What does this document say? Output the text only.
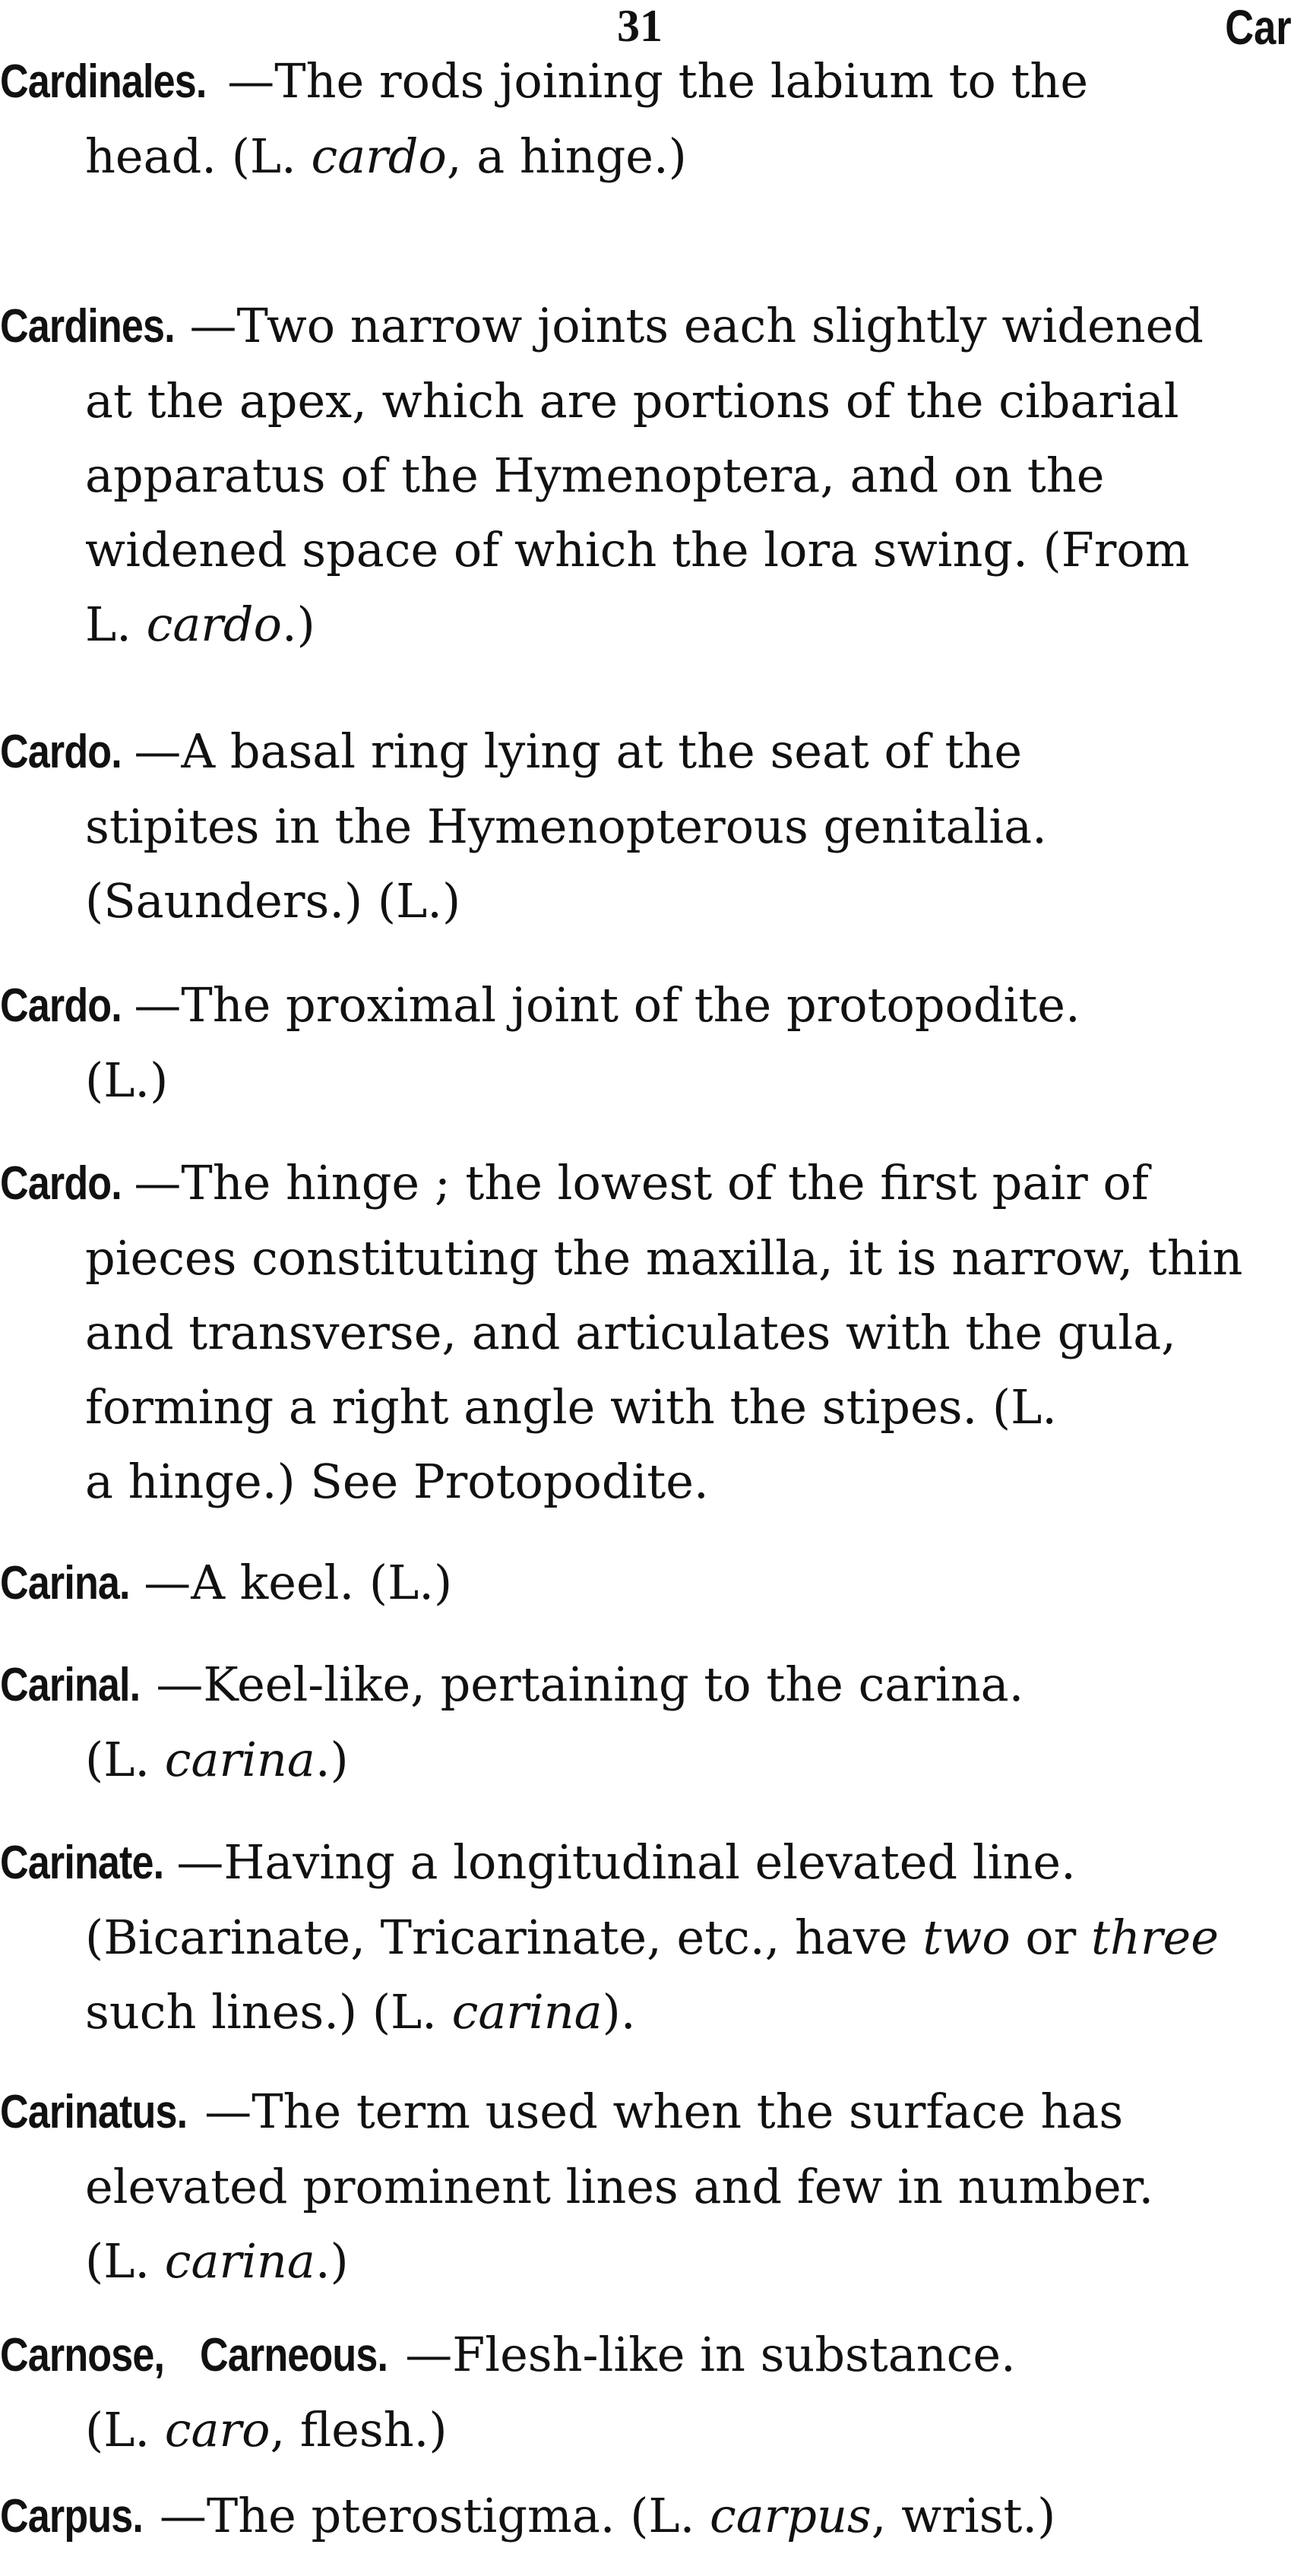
31	Car
Cardinales. —The rods joining the labium to the
head. (L. cardo, a hinge.)
Cardines. —Two narrow joints each slightly widened
at the apex, which are portions of the cibarial
apparatus of the Hymenoptera, and on the
widened space of which the lora swing. (From
L. cardo.)
Cardo. —A basal ring lying at the seat of the
stipites in the Hymenopterous genitalia.
(Saunders.) (L.)
Cardo. —The proximal joint of the protopodite.
(L.)
Cardo. —The hinge ; the lowest of the first pair of
pieces constituting the maxilla, it is narrow, thin
and transverse, and articulates with the gula,
forming a right angle with the stipes. (L.
a hinge.) See Protopodite.
Carina. —A keel. (L.)
Carinal. —Keel-like, pertaining to the carina.
(L. carina.)
Carinate. —Having a longitudinal elevated line.
(Bicarinate, Tricarinate, etc., have two or three
such lines.) (L. carina).
Carinatus. —The term used when the surface has
elevated prominent lines and few in number.
(L. carina.)
Carnose, Carneous. —Flesh-like in substance.
(L. caro, flesh.)
Carpus. —The pterostigma. (L. carpus, wrist.)
